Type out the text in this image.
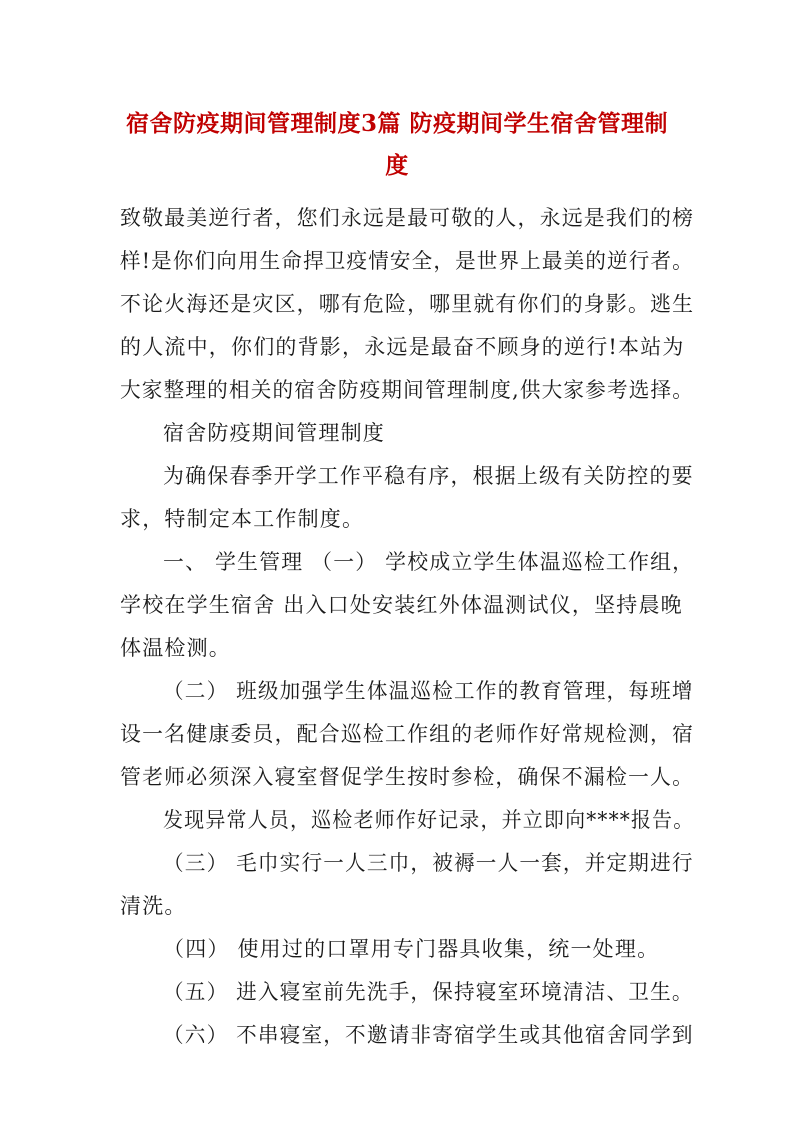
宿舍防疫期间管理制度3篇 防疫期间学生宿舍管理制
度
致敬最美逆行者，您们永远是最可敬的人，永远是我们的榜
样!是你们向用生命捍卫疫情安全，是世界上最美的逆行者。
不论火海还是灾区，哪有危险，哪里就有你们的身影。逃生
的人流中，你们的背影，永远是最奋不顾身的逆行!本站为
大家整理的相关的宿舍防疫期间管理制度,供大家参考选择。
宿舍防疫期间管理制度
为确保春季开学工作平稳有序，根据上级有关防控的要
求，特制定本工作制度。
一、 学生管理 （一） 学校成立学生体温巡检工作组，
学校在学生宿舍 出入口处安装红外体温测试仪，坚持晨晚
体温检测。
（二） 班级加强学生体温巡检工作的教育管理，每班增
设一名健康委员，配合巡检工作组的老师作好常规检测，宿
管老师必须深入寝室督促学生按时参检，确保不漏检一人。
发现异常人员，巡检老师作好记录，并立即向****报告。
（三） 毛巾实行一人三巾，被褥一人一套，并定期进行
清洗。
（四） 使用过的口罩用专门器具收集，统一处理。
（五） 进入寝室前先洗手，保持寝室环境清洁、卫生。
（六） 不串寝室，不邀请非寄宿学生或其他宿舍同学到
